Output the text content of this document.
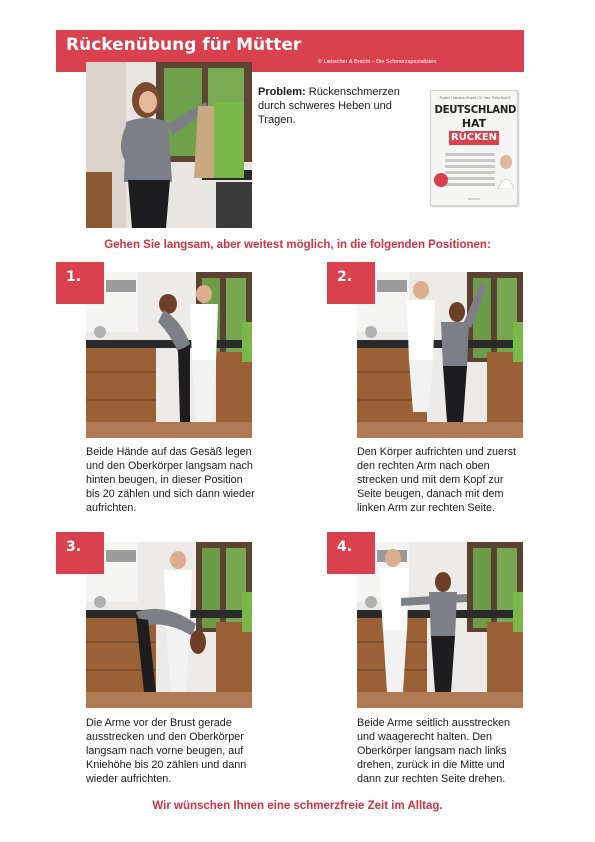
Rückenübung für Mütter
© Liebscher & Bracht – Die Schmerzspezialisten
Problem: Rückenschmerzen durch schweres Heben und Tragen.
Roland Liebscher-Bracht | Dr. med. Petra Bracht
DEUTSCHLAND
HAT
RÜCKEN
MOSAIK
Gehen Sie langsam, aber weitest möglich, in die folgenden Positionen:
1.
Beide Hände auf das Gesäß legen und den Oberkörper langsam nach hinten beugen, in dieser Position bis 20 zählen und sich dann wieder aufrichten.
2.
Den Körper aufrichten und zuerst den rechten Arm nach oben strecken und mit dem Kopf zur Seite beugen, danach mit dem linken Arm zur rechten Seite.
3.
Die Arme vor der Brust gerade ausstrecken und den Oberkörper langsam nach vorne beugen, auf Kniehöhe bis 20 zählen und dann wieder aufrichten.
4.
Beide Arme seitlich ausstrecken und waagerecht halten. Den Oberkörper langsam nach links drehen, zurück in die Mitte und dann zur rechten Seite drehen.
Wir wünschen Ihnen eine schmerzfreie Zeit im Alltag.
